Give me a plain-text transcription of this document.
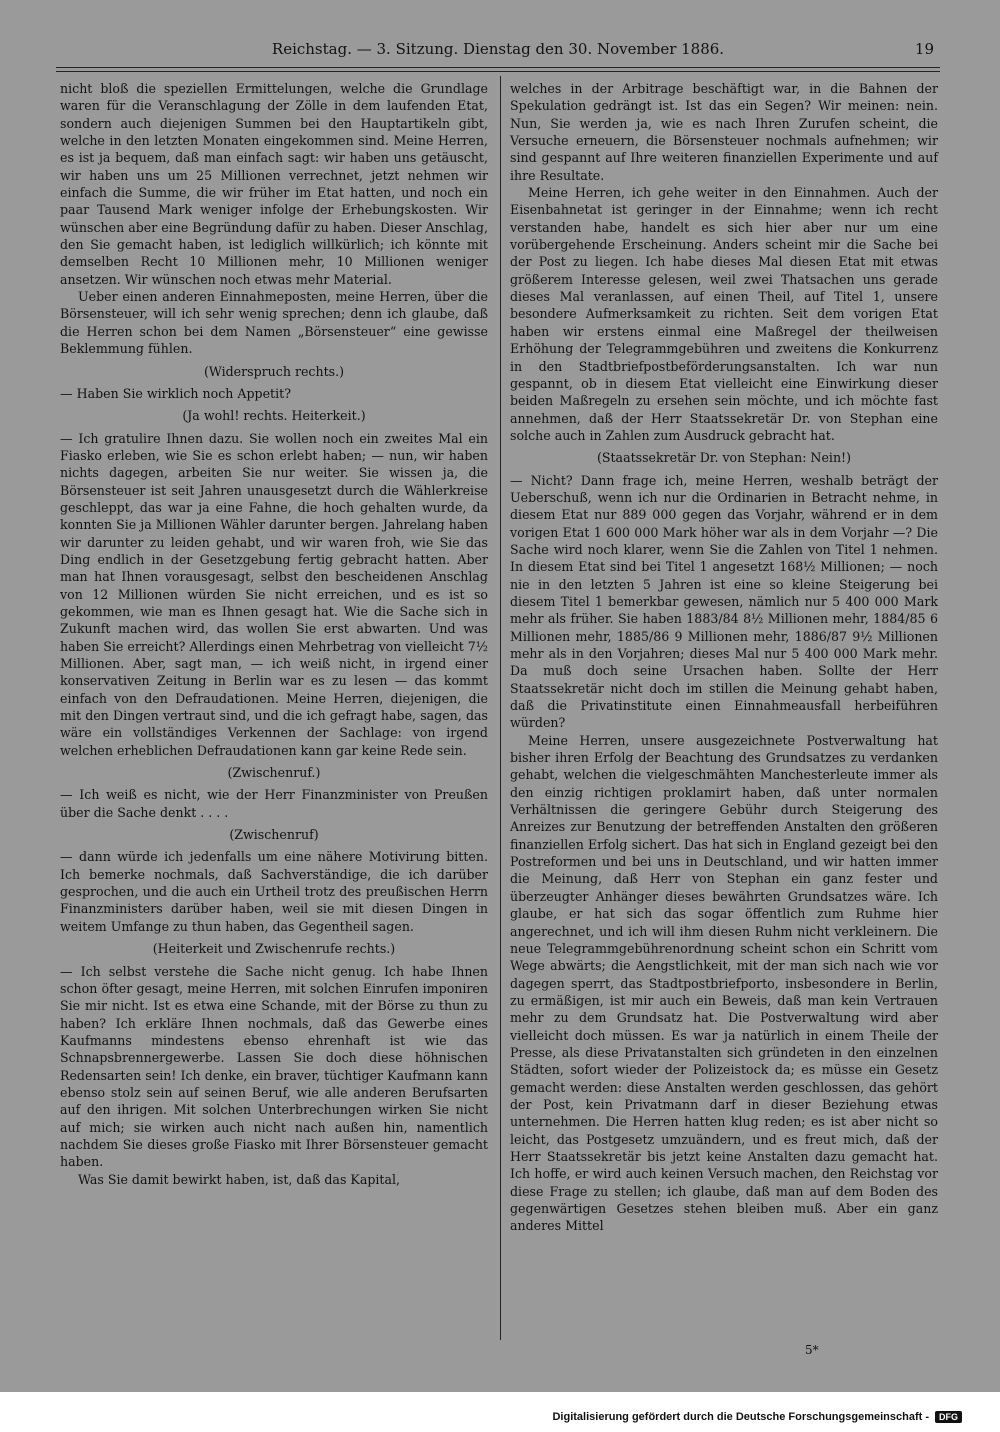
Reichstag. — 3. Sitzung. Dienstag den 30. November 1886.	19

nicht bloß die speziellen Ermittelungen, welche die Grundlage waren für die Veranschlagung der Zölle in dem laufenden Etat, sondern auch diejenigen Summen bei den Hauptartikeln gibt, welche in den letzten Monaten eingekommen sind. Meine Herren, es ist ja bequem, daß man einfach sagt: wir haben uns getäuscht, wir haben uns um 25 Millionen verrechnet, jetzt nehmen wir einfach die Summe, die wir früher im Etat hatten, und noch ein paar Tausend Mark weniger infolge der Erhebungskosten. Wir wünschen aber eine Begründung dafür zu haben. Dieser Anschlag, den Sie gemacht haben, ist lediglich willkürlich; ich könnte mit demselben Recht 10 Millionen mehr, 10 Millionen weniger ansetzen. Wir wünschen noch etwas mehr Material.

Ueber einen anderen Einnahmeposten, meine Herren, über die Börsensteuer, will ich sehr wenig sprechen; denn ich glaube, daß die Herren schon bei dem Namen „Börsensteuer“ eine gewisse Beklemmung fühlen.

(Widerspruch rechts.)

— Haben Sie wirklich noch Appetit?

(Ja wohl! rechts. Heiterkeit.)

— Ich gratulire Ihnen dazu. Sie wollen noch ein zweites Mal ein Fiasko erleben, wie Sie es schon erlebt haben; — nun, wir haben nichts dagegen, arbeiten Sie nur weiter. Sie wissen ja, die Börsensteuer ist seit Jahren unausgesetzt durch die Wählerkreise geschleppt, das war ja eine Fahne, die hoch gehalten wurde, da konnten Sie ja Millionen Wähler darunter bergen. Jahrelang haben wir darunter zu leiden gehabt, und wir waren froh, wie Sie das Ding endlich in der Gesetzgebung fertig gebracht hatten. Aber man hat Ihnen vorausgesagt, selbst den bescheidenen Anschlag von 12 Millionen würden Sie nicht erreichen, und es ist so gekommen, wie man es Ihnen gesagt hat. Wie die Sache sich in Zukunft machen wird, das wollen Sie erst abwarten. Und was haben Sie erreicht? Allerdings einen Mehrbetrag von vielleicht 7½ Millionen. Aber, sagt man, — ich weiß nicht, in irgend einer konservativen Zeitung in Berlin war es zu lesen — das kommt einfach von den Defraudationen. Meine Herren, diejenigen, die mit den Dingen vertraut sind, und die ich gefragt habe, sagen, das wäre ein vollständiges Verkennen der Sachlage: von irgend welchen erheblichen Defraudationen kann gar keine Rede sein.

(Zwischenruf.)

— Ich weiß es nicht, wie der Herr Finanzminister von Preußen über die Sache denkt . . . .

(Zwischenruf)

— dann würde ich jedenfalls um eine nähere Motivirung bitten. Ich bemerke nochmals, daß Sachverständige, die ich darüber gesprochen, und die auch ein Urtheil trotz des preußischen Herrn Finanzministers darüber haben, weil sie mit diesen Dingen in weitem Umfange zu thun haben, das Gegentheil sagen.

(Heiterkeit und Zwischenrufe rechts.)

— Ich selbst verstehe die Sache nicht genug. Ich habe Ihnen schon öfter gesagt, meine Herren, mit solchen Einrufen imponiren Sie mir nicht. Ist es etwa eine Schande, mit der Börse zu thun zu haben? Ich erkläre Ihnen nochmals, daß das Gewerbe eines Kaufmanns mindestens ebenso ehrenhaft ist wie das Schnapsbrennergewerbe. Lassen Sie doch diese höhnischen Redensarten sein! Ich denke, ein braver, tüchtiger Kaufmann kann ebenso stolz sein auf seinen Beruf, wie alle anderen Berufsarten auf den ihrigen. Mit solchen Unterbrechungen wirken Sie nicht auf mich; sie wirken auch nicht nach außen hin, namentlich nachdem Sie dieses große Fiasko mit Ihrer Börsensteuer gemacht haben.

Was Sie damit bewirkt haben, ist, daß das Kapital,

welches in der Arbitrage beschäftigt war, in die Bahnen der Spekulation gedrängt ist. Ist das ein Segen? Wir meinen: nein. Nun, Sie werden ja, wie es nach Ihren Zurufen scheint, die Versuche erneuern, die Börsensteuer nochmals aufnehmen; wir sind gespannt auf Ihre weiteren finanziellen Experimente und auf ihre Resultate.

Meine Herren, ich gehe weiter in den Einnahmen. Auch der Eisenbahnetat ist geringer in der Einnahme; wenn ich recht verstanden habe, handelt es sich hier aber nur um eine vorübergehende Erscheinung. Anders scheint mir die Sache bei der Post zu liegen. Ich habe dieses Mal diesen Etat mit etwas größerem Interesse gelesen, weil zwei Thatsachen uns gerade dieses Mal veranlassen, auf einen Theil, auf Titel 1, unsere besondere Aufmerksamkeit zu richten. Seit dem vorigen Etat haben wir erstens einmal eine Maßregel der theilweisen Erhöhung der Telegrammgebühren und zweitens die Konkurrenz in den Stadtbriefpostbeförderungsanstalten. Ich war nun gespannt, ob in diesem Etat vielleicht eine Einwirkung dieser beiden Maßregeln zu ersehen sein möchte, und ich möchte fast annehmen, daß der Herr Staatssekretär Dr. von Stephan eine solche auch in Zahlen zum Ausdruck gebracht hat.

(Staatssekretär Dr. von Stephan: Nein!)

— Nicht? Dann frage ich, meine Herren, weshalb beträgt der Ueberschuß, wenn ich nur die Ordinarien in Betracht nehme, in diesem Etat nur 889 000 gegen das Vorjahr, während er in dem vorigen Etat 1 600 000 Mark höher war als in dem Vorjahr —? Die Sache wird noch klarer, wenn Sie die Zahlen von Titel 1 nehmen. In diesem Etat sind bei Titel 1 angesetzt 168½ Millionen; — noch nie in den letzten 5 Jahren ist eine so kleine Steigerung bei diesem Titel 1 bemerkbar gewesen, nämlich nur 5 400 000 Mark mehr als früher. Sie haben 1883/84 8½ Millionen mehr, 1884/85 6 Millionen mehr, 1885/86 9 Millionen mehr, 1886/87 9½ Millionen mehr als in den Vorjahren; dieses Mal nur 5 400 000 Mark mehr. Da muß doch seine Ursachen haben. Sollte der Herr Staatssekretär nicht doch im stillen die Meinung gehabt haben, daß die Privatinstitute einen Einnahmeausfall herbeiführen würden?

Meine Herren, unsere ausgezeichnete Postverwaltung hat bisher ihren Erfolg der Beachtung des Grundsatzes zu verdanken gehabt, welchen die vielgeschmähten Manchesterleute immer als den einzig richtigen proklamirt haben, daß unter normalen Verhältnissen die geringere Gebühr durch Steigerung des Anreizes zur Benutzung der betreffenden Anstalten den größeren finanziellen Erfolg sichert. Das hat sich in England gezeigt bei den Postreformen und bei uns in Deutschland, und wir hatten immer die Meinung, daß Herr von Stephan ein ganz fester und überzeugter Anhänger dieses bewährten Grundsatzes wäre. Ich glaube, er hat sich das sogar öffentlich zum Ruhme hier angerechnet, und ich will ihm diesen Ruhm nicht verkleinern. Die neue Telegrammgebührenordnung scheint schon ein Schritt vom Wege abwärts; die Aengstlichkeit, mit der man sich nach wie vor dagegen sperrt, das Stadtpostbriefporto, insbesondere in Berlin, zu ermäßigen, ist mir auch ein Beweis, daß man kein Vertrauen mehr zu dem Grundsatz hat. Die Postverwaltung wird aber vielleicht doch müssen. Es war ja natürlich in einem Theile der Presse, als diese Privatanstalten sich gründeten in den einzelnen Städten, sofort wieder der Polizeistock da; es müsse ein Gesetz gemacht werden: diese Anstalten werden geschlossen, das gehört der Post, kein Privatmann darf in dieser Beziehung etwas unternehmen. Die Herren hatten klug reden; es ist aber nicht so leicht, das Postgesetz umzuändern, und es freut mich, daß der Herr Staatssekretär bis jetzt keine Anstalten dazu gemacht hat. Ich hoffe, er wird auch keinen Versuch machen, den Reichstag vor diese Frage zu stellen; ich glaube, daß man auf dem Boden des gegenwärtigen Gesetzes stehen bleiben muß. Aber ein ganz anderes Mittel

5*
Digitalisierung gefördert durch die Deutsche Forschungsgemeinschaft -	DFG
